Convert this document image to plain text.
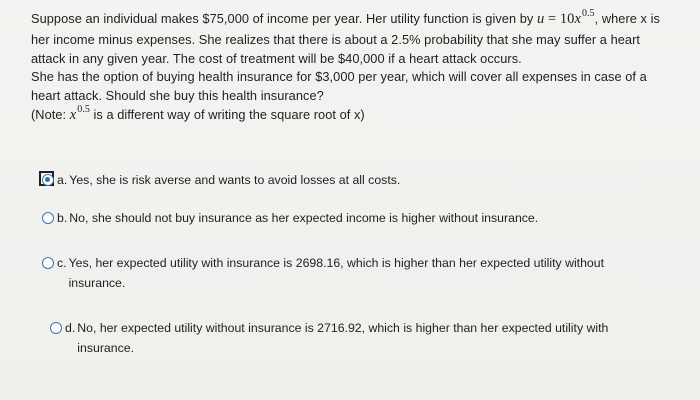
Suppose an individual makes $75,000 of income per year. Her utility function is given by $u = 10x^{0.5}$, where x is

her income minus expenses. She realizes that there is about a 2.5% probability that she may suffer a heart

attack in any given year. The cost of treatment will be $40,000 if a heart attack occurs.

She has the option of buying health insurance for $3,000 per year, which will cover all expenses in case of a

heart attack. Should she buy this health insurance?

(Note: $x^{0.5}$ is a different way of writing the square root of x)

a. Yes, she is risk averse and wants to avoid losses at all costs.
b. No, she should not buy insurance as her expected income is higher without insurance.
c. Yes, her expected utility with insurance is 2698.16, which is higher than her expected utility without
insurance.
d. No, her expected utility without insurance is 2716.92, which is higher than her expected utility with
insurance.
